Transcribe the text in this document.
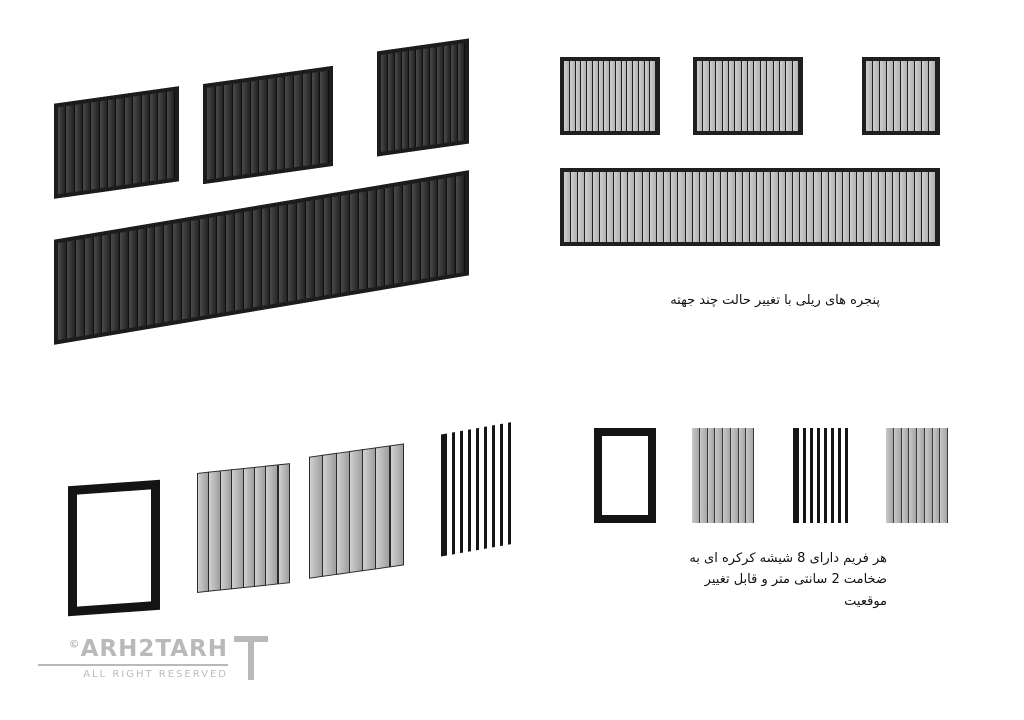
پنجره های ریلی با تغییر حالت چند جهته
هر فریم دارای 8 شیشه کرکره ای به ضخامت 2 سانتی متر و قابل تغییر موقعیت
ARH2TARH©
ALL RIGHT RESERVED
